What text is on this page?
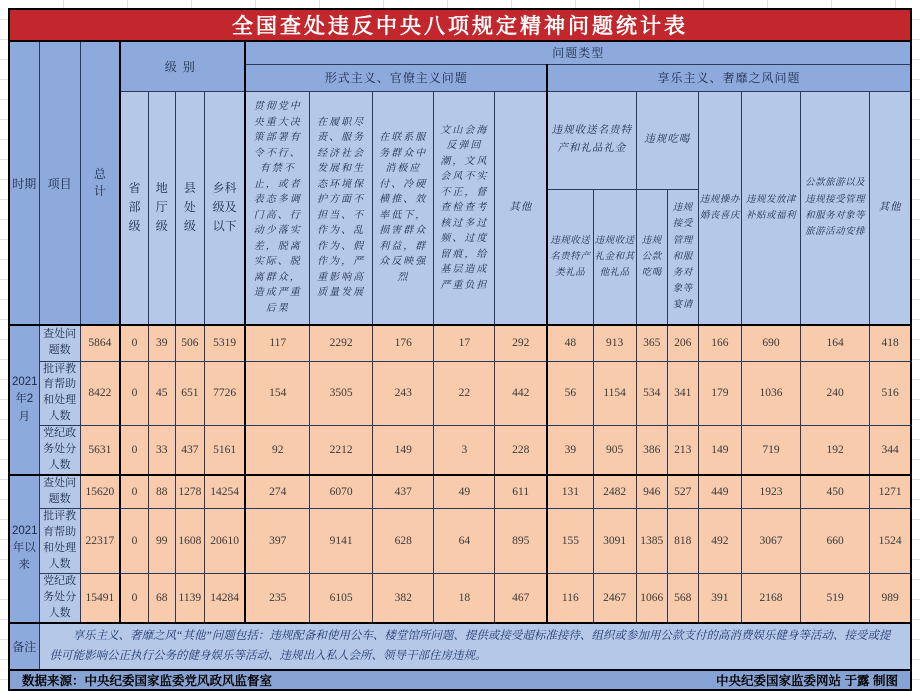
全国查处违反中央八项规定精神问题统计表																			
时期	项目	总计	级别				问题类型												
							形式主义、官僚主义问题					享乐主义、奢靡之风问题							
			省部级	地厅级	县处级	乡科级及以下	贯彻党中央重大决策部署有令不行、有禁不止，或者表态多调门高、行动少落实差，脱离实际、脱离群众，造成严重后果	在履职尽责、服务经济社会发展和生态环境保护方面不担当、不作为、乱作为、假作为，严重影响高质量发展	在联系服务群众中消极应付、冷硬横推、效率低下，损害群众利益，群众反映强烈	文山会海反弹回潮，文风会风不实不正，督查检查考核过多过频、过度留痕，给基层造成严重负担	其他	违规收送名贵特产和礼品礼金		违规吃喝		违规操办婚丧喜庆	违规发放津补贴或福利	公款旅游以及违规接受管理和服务对象等旅游活动安排	其他
												违规收送名贵特产类礼品	违规收送礼金和其他礼品	违规公款吃喝	违规接受管理和服务对象等宴请				
2021年2月	查处问题数	5864	0	39	506	5319	117	2292	176	17	292	48	913	365	206	166	690	164	418
	批评教育帮助和处理人数	8422	0	45	651	7726	154	3505	243	22	442	56	1154	534	341	179	1036	240	516
	党纪政务处分人数	5631	0	33	437	5161	92	2212	149	3	228	39	905	386	213	149	719	192	344
2021年以来	查处问题数	15620	0	88	1278	14254	274	6070	437	49	611	131	2482	946	527	449	1923	450	1271
	批评教育帮助和处理人数	22317	0	99	1608	20610	397	9141	628	64	895	155	3091	1385	818	492	3067	660	1524
	党纪政务处分人数	15491	0	68	1139	14284	235	6105	382	18	467	116	2467	1066	568	391	2168	519	989
备注	享乐主义、奢靡之风“其他”问题包括：违规配备和使用公车、楼堂馆所问题、提供或接受超标准接待、组织或参加用公款支付的高消费娱乐健身等活动、接受或提供可能影响公正执行公务的健身娱乐等活动、违规出入私人会所、领导干部住房违规。																		

数据来源：中央纪委国家监委党风政风监督室 中央纪委国家监委网站 于露 制图																			
